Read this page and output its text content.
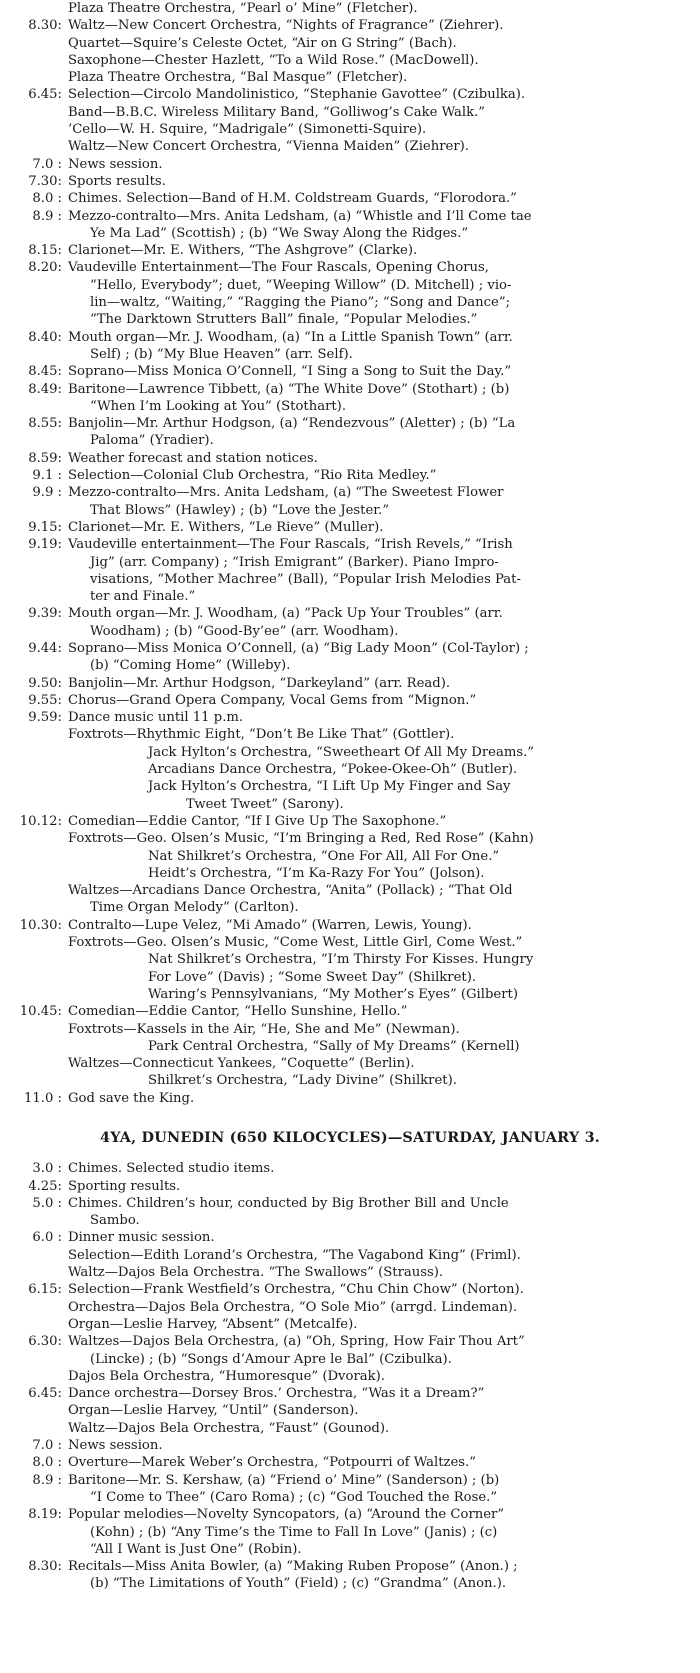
Plaza Theatre Orchestra, “Pearl o’ Mine” (Fletcher).
8.30: Waltz—New Concert Orchestra, “Nights of Fragrance” (Ziehrer).
Quartet—Squire’s Celeste Octet, “Air on G String” (Bach).
Saxophone—Chester Hazlett, “To a Wild Rose.” (MacDowell).
Plaza Theatre Orchestra, “Bal Masque” (Fletcher).
6.45: Selection—Circolo Mandolinistico, “Stephanie Gavottee” (Czibulka).
Band—B.B.C. Wireless Military Band, “Golliwog’s Cake Walk.”
’Cello—W. H. Squire, “Madrigale” (Simonetti-Squire).
Waltz—New Concert Orchestra, “Vienna Maiden” (Ziehrer).
7.0 : News session.
7.30: Sports results.
8.0 : Chimes. Selection—Band of H.M. Coldstream Guards, “Florodora.”
8.9 : Mezzo-contralto—Mrs. Anita Ledsham, (a) “Whistle and I’ll Come tae
Ye Ma Lad” (Scottish) ; (b) “We Sway Along the Ridges.”
8.15: Clarionet—Mr. E. Withers, “The Ashgrove” (Clarke).
8.20: Vaudeville Entertainment—The Four Rascals, Opening Chorus,
“Hello, Everybody”; duet, “Weeping Willow” (D. Mitchell) ; vio-
lin—waltz, “Waiting,” “Ragging the Piano”; “Song and Dance”;
“The Darktown Strutters Ball” finale, “Popular Melodies.”
8.40: Mouth organ—Mr. J. Woodham, (a) “In a Little Spanish Town” (arr.
Self) ; (b) “My Blue Heaven” (arr. Self).
8.45: Soprano—Miss Monica O’Connell, “I Sing a Song to Suit the Day.”
8.49: Baritone—Lawrence Tibbett, (a) “The White Dove” (Stothart) ; (b)
“When I’m Looking at You” (Stothart).
8.55: Banjolin—Mr. Arthur Hodgson, (a) “Rendezvous” (Aletter) ; (b) “La
Paloma” (Yradier).
8.59: Weather forecast and station notices.
9.1 : Selection—Colonial Club Orchestra, “Rio Rita Medley.”
9.9 : Mezzo-contralto—Mrs. Anita Ledsham, (a) “The Sweetest Flower
That Blows” (Hawley) ; (b) “Love the Jester.”
9.15: Clarionet—Mr. E. Withers, “Le Rieve” (Muller).
9.19: Vaudeville entertainment—The Four Rascals, “Irish Revels,” “Irish
Jig” (arr. Company) ; “Irish Emigrant” (Barker). Piano Impro-
visations, “Mother Machree” (Ball), “Popular Irish Melodies Pat-
ter and Finale.”
9.39: Mouth organ—Mr. J. Woodham, (a) “Pack Up Your Troubles” (arr.
Woodham) ; (b) “Good-By’ee” (arr. Woodham).
9.44: Soprano—Miss Monica O’Connell, (a) “Big Lady Moon” (Col-Taylor) ;
(b) “Coming Home” (Willeby).
9.50: Banjolin—Mr. Arthur Hodgson, “Darkeyland” (arr. Read).
9.55: Chorus—Grand Opera Company, Vocal Gems from “Mignon.”
9.59: Dance music until 11 p.m.
Foxtrots—Rhythmic Eight, “Don’t Be Like That” (Gottler).
Jack Hylton’s Orchestra, “Sweetheart Of All My Dreams.”
Arcadians Dance Orchestra, “Pokee-Okee-Oh” (Butler).
Jack Hylton’s Orchestra, “I Lift Up My Finger and Say
Tweet Tweet” (Sarony).
10.12: Comedian—Eddie Cantor, “If I Give Up The Saxophone.”
Foxtrots—Geo. Olsen’s Music, “I’m Bringing a Red, Red Rose” (Kahn)
Nat Shilkret’s Orchestra, “One For All, All For One.”
Heidt’s Orchestra, “I’m Ka-Razy For You” (Jolson).
Waltzes—Arcadians Dance Orchestra, “Anita” (Pollack) ; “That Old
Time Organ Melody” (Carlton).
10.30: Contralto—Lupe Velez, “Mi Amado” (Warren, Lewis, Young).
Foxtrots—Geo. Olsen’s Music, “Come West, Little Girl, Come West.”
Nat Shilkret’s Orchestra, “I’m Thirsty For Kisses. Hungry
For Love” (Davis) ; “Some Sweet Day” (Shilkret).
Waring’s Pennsylvanians, “My Mother’s Eyes” (Gilbert)
10.45: Comedian—Eddie Cantor, “Hello Sunshine, Hello.”
Foxtrots—Kassels in the Air, “He, She and Me” (Newman).
Park Central Orchestra, “Sally of My Dreams” (Kernell)
Waltzes—Connecticut Yankees, “Coquette” (Berlin).
Shilkret’s Orchestra, “Lady Divine” (Shilkret).
11.0 : God save the King.
4YA, DUNEDIN (650 KILOCYCLES)—SATURDAY, JANUARY 3.
3.0 : Chimes. Selected studio items.
4.25: Sporting results.
5.0 : Chimes. Children’s hour, conducted by Big Brother Bill and Uncle
Sambo.
6.0 : Dinner music session.
Selection—Edith Lorand’s Orchestra, “The Vagabond King” (Friml).
Waltz—Dajos Bela Orchestra. “The Swallows” (Strauss).
6.15: Selection—Frank Westfield’s Orchestra, “Chu Chin Chow” (Norton).
Orchestra—Dajos Bela Orchestra, “O Sole Mio” (arrgd. Lindeman).
Organ—Leslie Harvey, “Absent” (Metcalfe).
6.30: Waltzes—Dajos Bela Orchestra, (a) “Oh, Spring, How Fair Thou Art”
(Lincke) ; (b) “Songs d’Amour Apre le Bal” (Czibulka).
Dajos Bela Orchestra, “Humoresque” (Dvorak).
6.45: Dance orchestra—Dorsey Bros.’ Orchestra, “Was it a Dream?”
Organ—Leslie Harvey, “Until” (Sanderson).
Waltz—Dajos Bela Orchestra, “Faust” (Gounod).
7.0 : News session.
8.0 : Overture—Marek Weber’s Orchestra, “Potpourri of Waltzes.”
8.9 : Baritone—Mr. S. Kershaw, (a) “Friend o’ Mine” (Sanderson) ; (b)
“I Come to Thee” (Caro Roma) ; (c) “God Touched the Rose.”
8.19: Popular melodies—Novelty Syncopators, (a) “Around the Corner”
(Kohn) ; (b) “Any Time’s the Time to Fall In Love” (Janis) ; (c)
“All I Want is Just One” (Robin).
8.30: Recitals—Miss Anita Bowler, (a) “Making Ruben Propose” (Anon.) ;
(b) “The Limitations of Youth” (Field) ; (c) “Grandma” (Anon.).
